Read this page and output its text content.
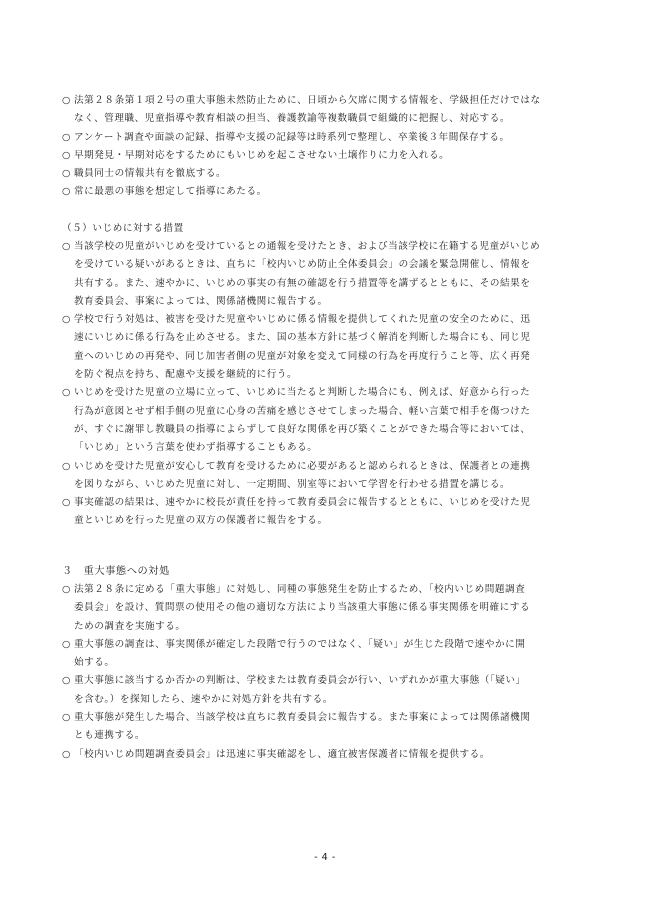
○ 法第２８条第１項２号の重大事態未然防止ために、日頃から欠席に関する情報を、学級担任だけではな
なく、管理職、児童指導や教育相談の担当、養護教諭等複数職員で組織的に把握し、対応する。
○ アンケート調査や面談の記録、指導や支援の記録等は時系列で整理し、卒業後３年間保存する。
○ 早期発見・早期対応をするためにもいじめを起こさせない土壌作りに力を入れる。
○ 職員同士の情報共有を徹底する。
○ 常に最悪の事態を想定して指導にあたる。
（５）いじめに対する措置
○ 当該学校の児童がいじめを受けているとの通報を受けたとき、および当該学校に在籍する児童がいじめ
を受けている疑いがあるときは、直ちに「校内いじめ防止全体委員会」の会議を緊急開催し、情報を
共有する。また、速やかに、いじめの事実の有無の確認を行う措置等を講ずるとともに、その結果を
教育委員会、事案によっては、関係諸機関に報告する。
○ 学校で行う対処は、被害を受けた児童やいじめに係る情報を提供してくれた児童の安全のために、迅
速にいじめに係る行為を止めさせる。また、国の基本方針に基づく解消を判断した場合にも、同じ児
童へのいじめの再発や、同じ加害者側の児童が対象を変えて同様の行為を再度行うこと等、広く再発
を防ぐ視点を持ち、配慮や支援を継続的に行う。
○ いじめを受けた児童の立場に立って、いじめに当たると判断した場合にも、例えば、好意から行った
行為が意図とせず相手側の児童に心身の苦痛を感じさせてしまった場合、軽い言葉で相手を傷つけた
が、すぐに謝罪し教職員の指導によらずして良好な関係を再び築くことができた場合等においては、
「いじめ」という言葉を使わず指導することもある。
○ いじめを受けた児童が安心して教育を受けるために必要があると認められるときは、保護者との連携
を図りながら、いじめた児童に対し、一定期間、別室等において学習を行わせる措置を講じる。
○ 事実確認の結果は、速やかに校長が責任を持って教育委員会に報告するとともに、いじめを受けた児
童といじめを行った児童の双方の保護者に報告をする。
３　重大事態への対処
○ 法第２８条に定める「重大事態」に対処し、同種の事態発生を防止するため、「校内いじめ問題調査
委員会」を設け、質問票の使用その他の適切な方法により当該重大事態に係る事実関係を明確にする
ための調査を実施する。
○ 重大事態の調査は、事実関係が確定した段階で行うのではなく、「疑い」が生じた段階で速やかに開
始する。
○ 重大事態に該当するか否かの判断は、学校または教育委員会が行い、いずれかが重大事態（「疑い」
を含む。）を探知したら、速やかに対処方針を共有する。
○ 重大事態が発生した場合、当該学校は直ちに教育委員会に報告する。また事案によっては関係諸機関
とも連携する。
○ 「校内いじめ問題調査委員会」は迅速に事実確認をし、適宜被害保護者に情報を提供する。
- 4 -
